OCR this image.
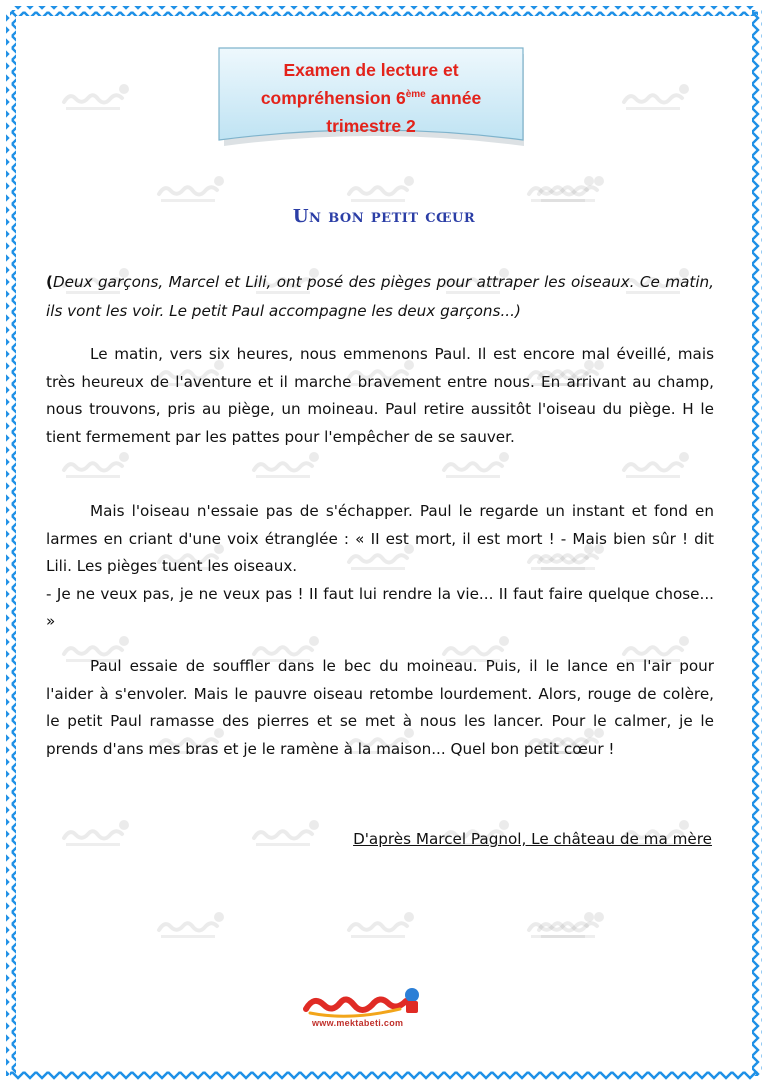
Examen de lecture et
compréhension 6ème année
trimestre 2
Un bon petit cœur
(Deux garçons, Marcel et Lili, ont posé des pièges pour attraper les oiseaux. Ce matin, ils vont les voir. Le petit Paul accompagne les deux garçons...)
Le matin, vers six heures, nous emmenons Paul. Il est encore mal éveillé, mais très heureux de l'aventure et il marche bravement entre nous. En arrivant au champ, nous trouvons, pris au piège, un moineau. Paul retire aussitôt l'oiseau du piège. H le tient fermement par les pattes pour l'empêcher de se sauver.
Mais l'oiseau n'essaie pas de s'échapper. Paul le regarde un instant et fond en larmes en criant d'une voix étranglée : « II est mort, il est mort ! - Mais bien sûr ! dit Lili. Les pièges tuent les oiseaux.
- Je ne veux pas, je ne veux pas ! II faut lui rendre la vie... II faut faire quelque chose... »
Paul essaie de souffler dans le bec du moineau. Puis, il le lance en l'air pour l'aider à s'envoler. Mais le pauvre oiseau retombe lourdement. Alors, rouge de colère, le petit Paul ramasse des pierres et se met à nous les lancer. Pour le calmer, je le prends d'ans mes bras et je le ramène à la maison... Quel bon petit cœur !
D'après Marcel Pagnol, Le château de ma mère
www.mektabeti.com
